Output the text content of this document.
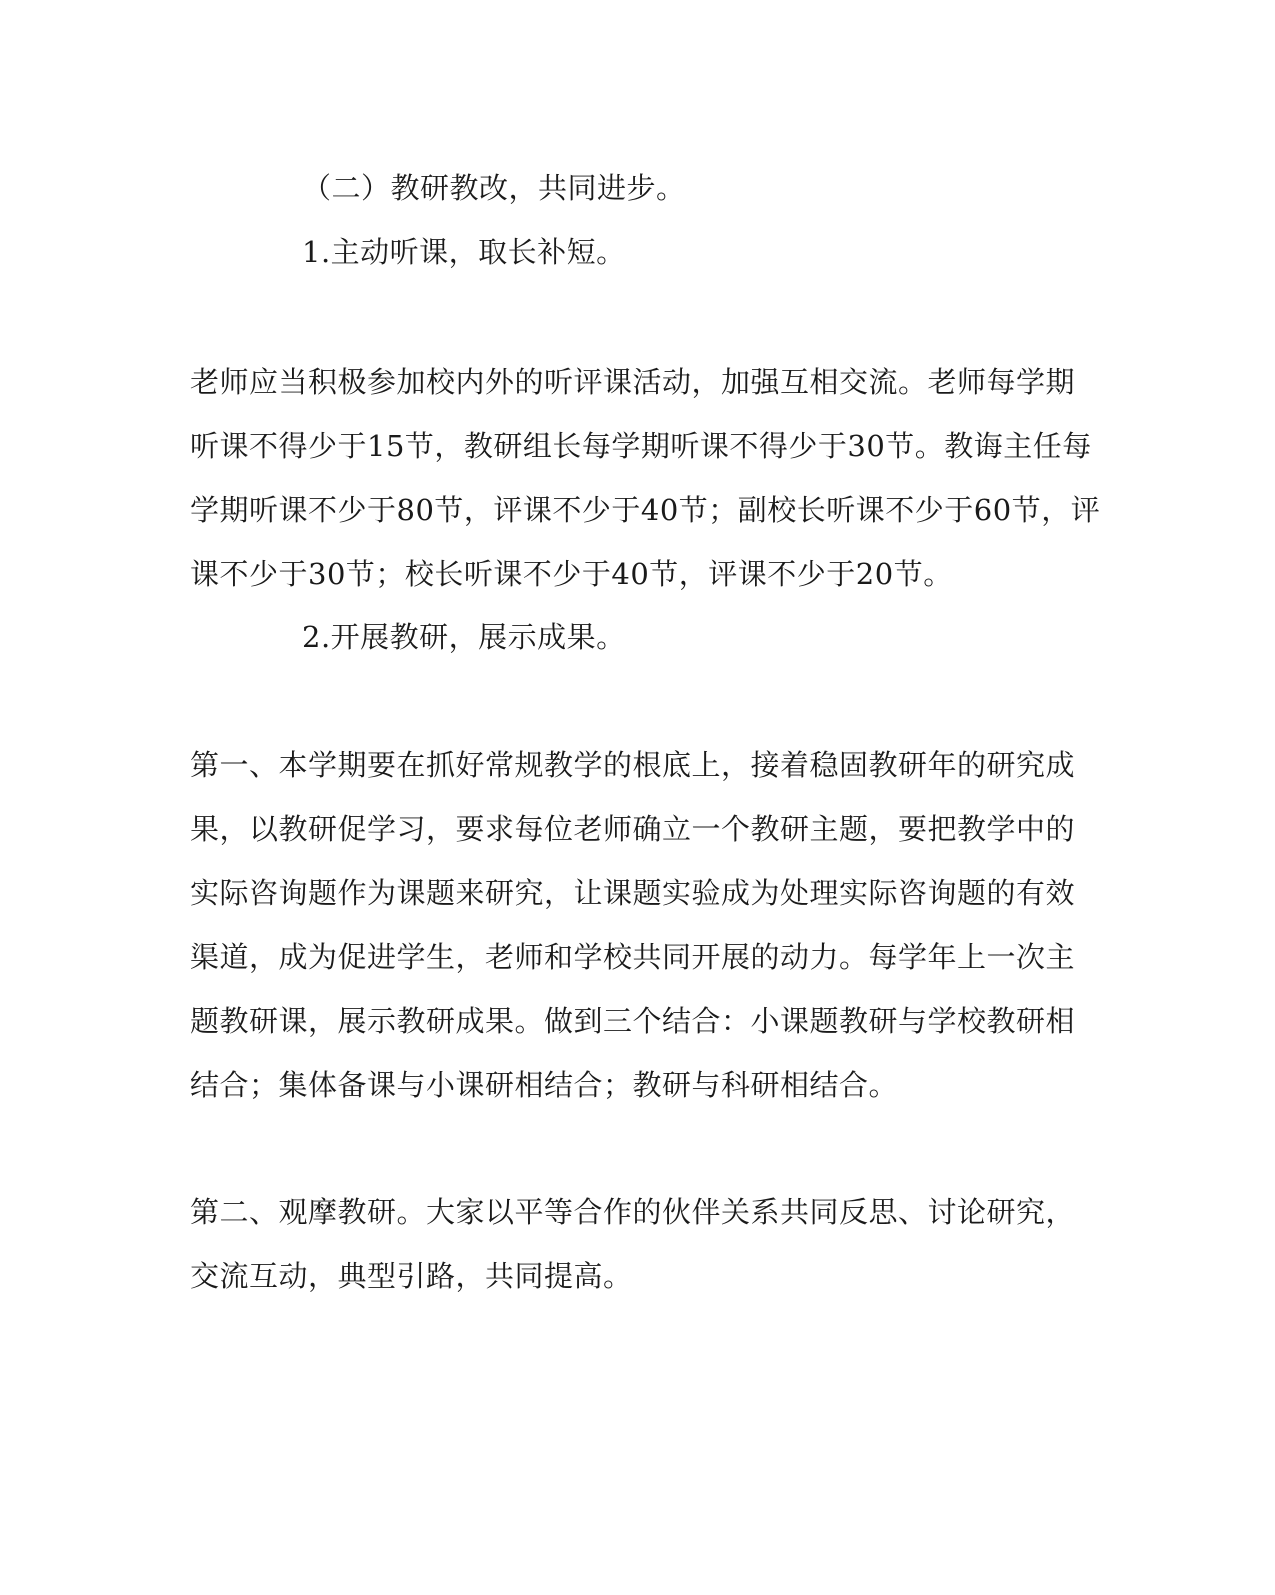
（二）教研教改，共同进步。
1.主动听课，取长补短。
老师应当积极参加校内外的听评课活动，加强互相交流。老师每学期
听课不得少于15节，教研组长每学期听课不得少于30节。教诲主任每
学期听课不少于80节，评课不少于40节；副校长听课不少于60节，评
课不少于30节；校长听课不少于40节，评课不少于20节。
2.开展教研，展示成果。
第一、本学期要在抓好常规教学的根底上，接着稳固教研年的研究成
果，以教研促学习，要求每位老师确立一个教研主题，要把教学中的
实际咨询题作为课题来研究，让课题实验成为处理实际咨询题的有效
渠道，成为促进学生，老师和学校共同开展的动力。每学年上一次主
题教研课，展示教研成果。做到三个结合：小课题教研与学校教研相
结合；集体备课与小课研相结合；教研与科研相结合。
第二、观摩教研。大家以平等合作的伙伴关系共同反思、讨论研究，
交流互动，典型引路，共同提高。
